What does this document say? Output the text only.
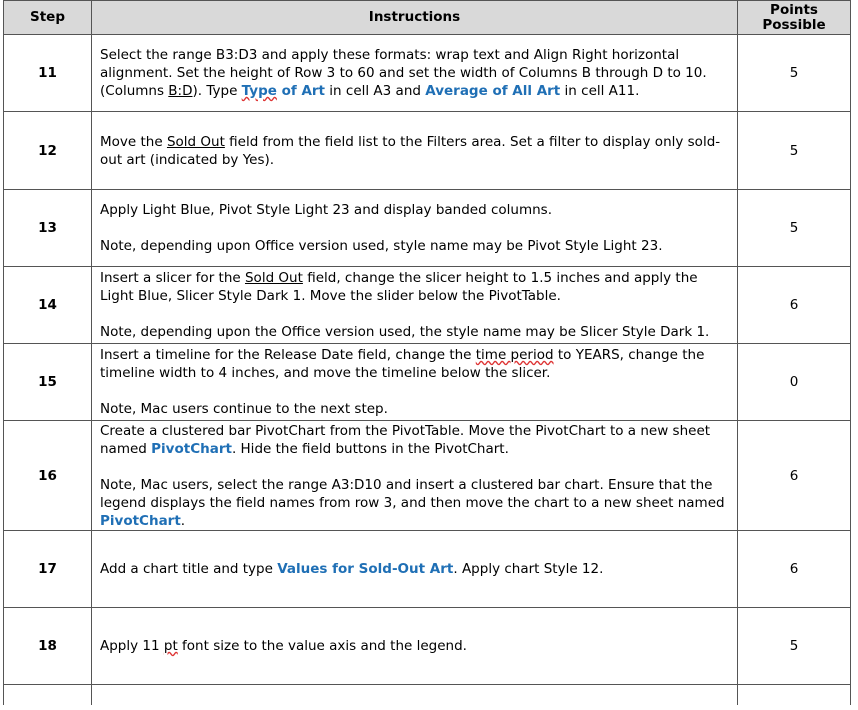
Step	Instructions	Points
Possible
11	Select the range B3:D3 and apply these formats: wrap text and Align Right horizontal alignment. Set the height of Row 3 to 60 and set the width of Columns B through D to 10. (Columns B:D). Type Type of Art in cell A3 and Average of All Art in cell A11.	5
12	Move the Sold Out field from the field list to the Filters area. Set a filter to display only sold-out art (indicated by Yes).	5
13	Apply Light Blue, Pivot Style Light 23 and display banded columns.

Note, depending upon Office version used, style name may be Pivot Style Light 23.	5
14	Insert a slicer for the Sold Out field, change the slicer height to 1.5 inches and apply the Light Blue, Slicer Style Dark 1. Move the slider below the PivotTable.

Note, depending upon the Office version used, the style name may be Slicer Style Dark 1.	6
15	Insert a timeline for the Release Date field, change the time period to YEARS, change the timeline width to 4 inches, and move the timeline below the slicer.

Note, Mac users continue to the next step.	0
16	Create a clustered bar PivotChart from the PivotTable. Move the PivotChart to a new sheet named PivotChart. Hide the field buttons in the PivotChart.

Note, Mac users, select the range A3:D10 and insert a clustered bar chart. Ensure that the legend displays the field names from row 3, and then move the chart to a new sheet named PivotChart.	6
17	Add a chart title and type Values for Sold-Out Art. Apply chart Style 12.	6
18	Apply 11 pt font size to the value axis and the legend.	5
